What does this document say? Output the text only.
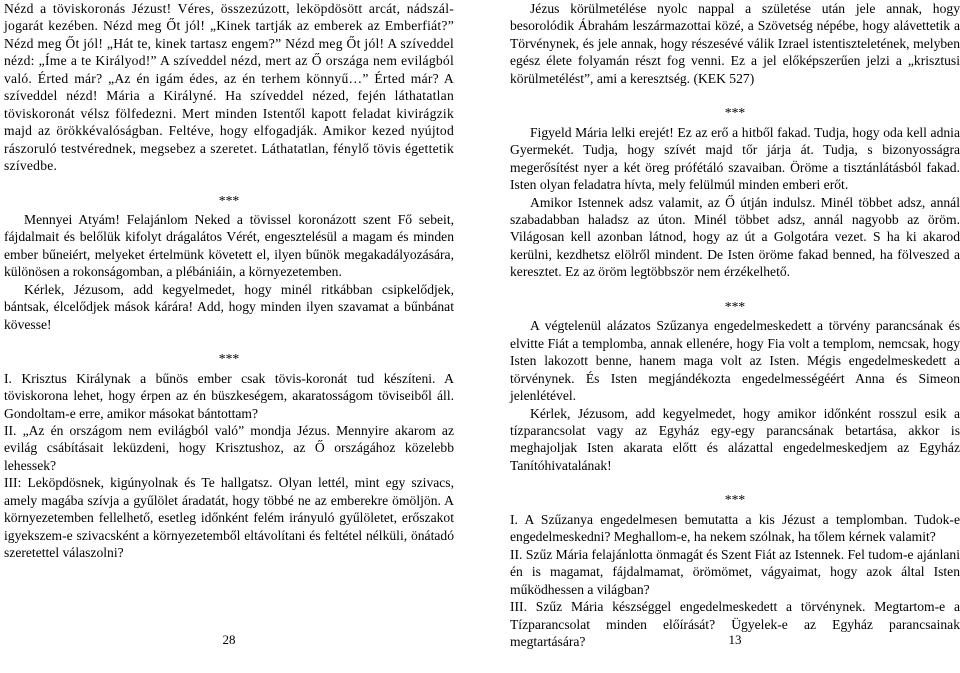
Nézd a töviskoronás Jézust! Véres, összezúzott, leköpdösött arcát, nádszál-jogarát kezében. Nézd meg Őt jól! „Kinek tartják az emberek az Emberfiát?” Nézd meg Őt jól! „Hát te, kinek tartasz engem?” Nézd meg Őt jól! A szíveddel nézd: „Íme a te Királyod!” A szíveddel nézd, mert az Ő országa nem evilágból való. Érted már? „Az én igám édes, az én terhem könnyű…” Érted már? A szíveddel nézd! Mária a Királyné. Ha szíveddel nézed, fején láthatatlan töviskoronát vélsz fölfedezni. Mert minden Istentől kapott feladat kivirágzik majd az örökkévalóságban. Feltéve, hogy elfogadják. Amikor kezed nyújtod rászoruló testvérednek, megsebez a szeretet. Láthatatlan, fénylő tövis égettetik szívedbe.

***

Mennyei Atyám! Felajánlom Neked a tövissel koronázott szent Fő sebeit, fájdalmait és belőlük kifolyt drágalátos Vérét, engesztelésül a magam és minden ember bűneiért, melyeket értelmünk követett el, ilyen bűnök megakadályozására, különösen a rokonságomban, a plébániáin, a környezetemben.

Kérlek, Jézusom, add kegyelmedet, hogy minél ritkábban csipkelődjek, bántsak, élcelődjek mások kárára! Add, hogy minden ilyen szavamat a bűnbánat kövesse!

***

I. Krisztus Királynak a bűnös ember csak tövis-koronát tud készíteni. A töviskorona lehet, hogy érpen az én büszkeségem, akaratosságom töviseiből áll. Gondoltam-e erre, amikor másokat bántottam?

II. „Az én országom nem evilágból való” mondja Jézus. Mennyire akarom az evilág csábításait leküzdeni, hogy Krisztushoz, az Ő országához közelebb lehessek?

III: Leköpdösnek, kigúnyolnak és Te hallgatsz. Olyan lettél, mint egy szivacs, amely magába szívja a gyűlölet áradatát, hogy többé ne az emberekre ömöljön. A környezetemben fellelhető, esetleg időnként felém irányuló gyűlöletet, erőszakot igyekszem-e szivacsként a környezetemből eltávolítani és feltétel nélküli, önátadó szeretettel válaszolni?

28

Jézus körülmetélése nyolc nappal a születése után jele annak, hogy besorolódik Ábrahám leszármazottai közé, a Szövetség népébe, hogy alávettetik a Törvénynek, és jele annak, hogy részesévé válik Izrael istentiszteletének, melyben egész élete folyamán részt fog venni. Ez a jel előképszerűen jelzi a „krisztusi körülmetélést”, ami a keresztség. (KEK 527)

***

Figyeld Mária lelki erejét! Ez az erő a hitből fakad. Tudja, hogy oda kell adnia Gyermekét. Tudja, hogy szívét majd tőr járja át. Tudja, s bizonyosságra megerősítést nyer a két öreg prófétáló szavaiban. Öröme a tisztánlátásból fakad. Isten olyan feladatra hívta, mely felülmúl minden emberi erőt.

Amikor Istennek adsz valamit, az Ő útján indulsz. Minél többet adsz, annál szabadabban haladsz az úton. Minél többet adsz, annál nagyobb az öröm. Világosan kell azonban látnod, hogy az út a Golgotára vezet. S ha ki akarod kerülni, kezdhetsz elölről mindent. De Isten öröme fakad benned, ha fölveszed a keresztet. Ez az öröm legtöbbször nem érzékelhető.

***

A végtelenül alázatos Szűzanya engedelmeskedett a törvény parancsának és elvitte Fiát a templomba, annak ellenére, hogy Fia volt a templom, nemcsak, hogy Isten lakozott benne, hanem maga volt az Isten. Mégis engedelmeskedett a törvénynek. És Isten megjándékozta engedelmességéért Anna és Simeon jelenlétével.

Kérlek, Jézusom, add kegyelmedet, hogy amikor időnként rosszul esik a tízparancsolat vagy az Egyház egy-egy parancsának betartása, akkor is meghajoljak Isten akarata előtt és alázattal engedelmeskedjem az Egyház Tanítóhivatalának!

***

I. A Szűzanya engedelmesen bemutatta a kis Jézust a templomban. Tudok-e engedelmeskedni? Meghallom-e, ha nekem szólnak, ha tőlem kérnek valamit?

II. Szűz Mária felajánlotta önmagát és Szent Fiát az Istennek. Fel tudom-e ajánlani én is magamat, fájdalmamat, örömömet, vágyaimat, hogy azok által Isten működhessen a világban?

III. Szűz Mária készséggel engedelmeskedett a törvénynek. Megtartom-e a Tízparancsolat minden előírását? Ügyelek-e az Egyház parancsainak megtartására?	13
